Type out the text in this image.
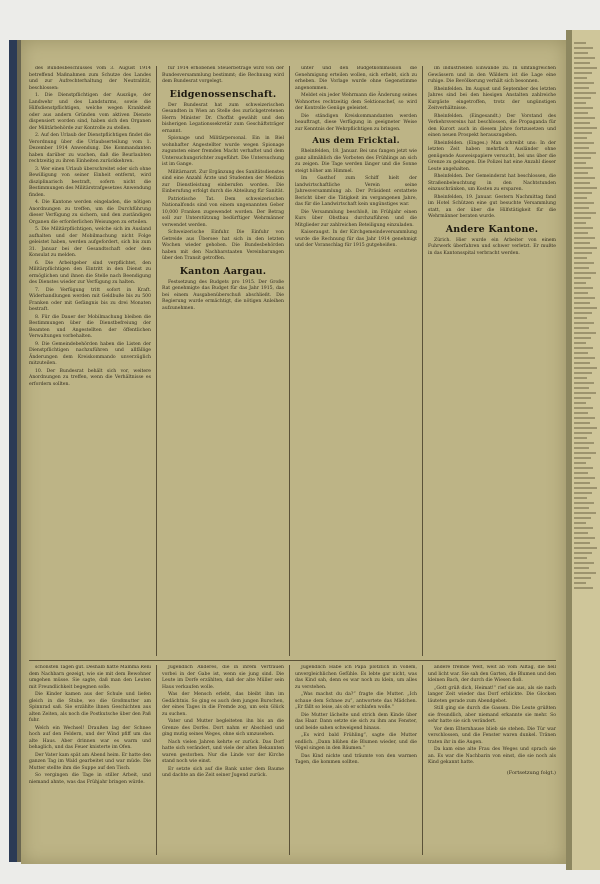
des Bundesbeschlusses vom 3. August 1914 betreffend Maßnahmen zum Schutze des Landes und zur Aufrechterhaltung der Neutralität, beschlossen:

1. Die Dienstpflichtigen der Auszüge, der Landwehr und des Landsturms, sowie die Hilfsdienstpflichtigen, welche wegen Krankheit oder aus andern Gründen vom aktiven Dienste dispensiert worden sind, haben sich den Organen der Militärbehörde zur Kontrolle zu stellen.

2. Auf den Urlaub der Dienstpflichtigen findet die Verordnung über die Urlaubserteilung vom 1. Dezember 1914 Anwendung. Die Kommandanten haben darüber zu wachen, daß die Beurlaubten rechtzeitig zu ihren Einheiten zurückkehren.

3. Wer einen Urlaub überschreitet oder sich ohne Bewilligung von seiner Einheit entfernt, wird disziplinarisch bestraft, sofern nicht die Bestimmungen des Militärstrafgesetzes Anwendung finden.

4. Die Kantone werden eingeladen, die nötigen Anordnungen zu treffen, um die Durchführung dieser Verfügung zu sichern, und den zuständigen Organen die erforderlichen Weisungen zu erteilen.

5. Die Militärpflichtigen, welche sich im Ausland aufhalten und der Mobilmachung nicht Folge geleistet haben, werden aufgefordert, sich bis zum 31. Januar bei der Gesandtschaft oder dem Konsulat zu melden.

6. Die Arbeitgeber sind verpflichtet, den Militärpflichtigen den Eintritt in den Dienst zu ermöglichen und ihnen die Stelle nach Beendigung des Dienstes wieder zur Verfügung zu halten.

7. Die Verfügung tritt sofort in Kraft. Widerhandlungen werden mit Geldbuße bis zu 500 Franken oder mit Gefängnis bis zu drei Monaten bestraft.

8. Für die Dauer der Mobilmachung bleiben die Bestimmungen über die Dienstbefreiung der Beamten und Angestellten der öffentlichen Verwaltungen vorbehalten.

9. Die Gemeindebehörden haben die Listen der Dienstpflichtigen nachzuführen und allfällige Änderungen dem Kreiskommando unverzüglich mitzuteilen.

10. Der Bundesrat behält sich vor, weitere Anordnungen zu treffen, wenn die Verhältnisse es erfordern sollten.

für 1914 erhobenen Steuerbeträge wird von der Bundesversammlung bestimmt; die Rechnung wird dem Bundesrat vorgelegt.

Eidgenossenschaft.

Der Bundesrat hat zum schweizerischen Gesandten in Wien an Stelle des zurückgetretenen Herrn Minister Dr. Choffat gewählt und den bisherigen Legationssekretär zum Geschäftsträger ernannt.

Spionage und Militärpersonal. Ein in Biel wohnhafter Angestellter wurde wegen Spionage zugunsten einer fremden Macht verhaftet und dem Untersuchungsrichter zugeführt. Die Untersuchung ist im Gange.

Militärnarzt. Zur Ergänzung des Sanitätsdienstes sind eine Anzahl Ärzte und Studenten der Medizin zur Dienstleistung einberufen worden. Die Einberufung erfolgt durch die Abteilung für Sanität.

Patriotische Tat. Dem schweizerischen Nationalfonds sind von einem ungenannten Geber 10,000 Franken zugewendet worden. Der Betrag soll zur Unterstützung bedürftiger Wehrmänner verwendet werden.

Schweizerische Einfuhr. Die Einfuhr von Getreide aus Übersee hat sich in den letzten Wochen wieder gehoben. Die Bundesbehörden haben mit den Nachbarstaaten Vereinbarungen über den Transit getroffen.

Kanton Aargau.

Festsetzung des Budgets pro 1915. Der Große Rat genehmigte das Budget für das Jahr 1915, das bei einem Ausgabenüberschuß abschließt. Die Regierung wurde ermächtigt, die nötigen Anleihen aufzunehmen.

unter und den Budgetkommission die Genehmigung erteilen wollen, sich erhebt, sich zu erheben. Die Vorlage wurde ohne Gegenstimme angenommen.

Meldet ein jeder Wehrmann die Änderung seines Wohnortes rechtzeitig dem Sektionschef, so wird der Kontrolle Genüge geleistet.

Die ständigen Kreiskommandanten werden beauftragt, diese Verfügung in geeigneter Weise zur Kenntnis der Wehrpflichtigen zu bringen.

Aus dem Fricktal.

Rheinfelden, 18. Januar. Bei uns fangen jetzt wie ganz allmählich die Vorboten des Frühlings an sich zu zeigen. Die Tage werden länger und die Sonne steigt höher am Himmel.

Im Gasthof zum Schiff hielt der landwirtschaftliche Verein seine Jahresversammlung ab. Der Präsident erstattete Bericht über die Tätigkeit im vergangenen Jahre, das für die Landwirtschaft kein ungünstiges war.

Die Versammlung beschloß, im Frühjahr einen Kurs über Obstbau durchzuführen und die Mitglieder zur zahlreichen Beteiligung einzuladen.

Kaiseraugst. In der Kirchgemeindeversammlung wurde die Rechnung für das Jahr 1914 genehmigt und der Voranschlag für 1915 gutgeheißen.

im industriellen Einwände zu. In umfangreichen Gewässern und in den Wäldern ist die Lage eine ruhige. Die Bevölkerung verhält sich besonnen.

Rheinfelden. Im August und September des letzten Jahres sind bei den hiesigen Anstalten zahlreiche Kurgäste eingetroffen, trotz der ungünstigen Zeitverhältnisse.

Rheinfelden. (Eingesandt.) Der Vorstand des Verkehrsvereins hat beschlossen, die Propaganda für den Kurort auch in diesem Jahre fortzusetzen und einen neuen Prospekt herauszugeben.

Rheinfelden. (Einges.) Man schreibt uns: In der letzten Zeit haben mehrfach Ausländer ohne genügende Ausweispapiere versucht, bei uns über die Grenze zu gelangen. Die Polizei hat eine Anzahl dieser Leute angehalten.

Rheinfelden. Der Gemeinderat hat beschlossen, die Straßenbeleuchtung in den Nachtstunden einzuschränken, um Kosten zu ersparen.

Rheinfelden, 19. Januar. Gestern Nachmittag fand im Hotel Schützen eine gut besuchte Versammlung statt, an der über die Hilfstätigkeit für die Wehrmänner beraten wurde.

Andere Kantone.

Zürich. Hier wurde ein Arbeiter von einem Fuhrwerk überfahren und schwer verletzt. Er mußte in das Kantonsspital verbracht werden.

schönsten Tagen gut. Deshalb hatte Mamma Reni dem Nachbarn gezeigt, wie sie mit dem Bewohner umgehen müsse. Sie sagte, daß man den Leuten mit Freundlichkeit begegnen solle.

Die Kinder kamen aus der Schule und liefen gleich in die Stube, wo die Großmutter am Spinnrad saß. Sie erzählte ihnen Geschichten aus alten Zeiten, als noch die Postkutsche über den Paß fuhr.

Welch ein Wechsel! Draußen lag der Schnee hoch auf den Feldern, und der Wind pfiff um das alte Haus. Aber drinnen war es warm und behaglich, und das Feuer knisterte im Ofen.

Der Vater kam spät am Abend heim. Er hatte den ganzen Tag im Wald gearbeitet und war müde. Die Mutter stellte ihm die Suppe auf den Tisch.

So vergingen die Tage in stiller Arbeit, und niemand ahnte, was das Frühjahr bringen würde.

Jugendlich Anderes, die in ihrem Vertrauen vorbei in der Gabe ist, wenn sie jung sind. Die Leute im Dorfe erzählten, daß der alte Müller sein Haus verkaufen wolle.

Was der Mensch erlebt, das bleibt ihm im Gedächtnis. So ging es auch dem jungen Burschen, der eines Tages in die Fremde zog, um sein Glück zu suchen.

Vater und Mutter begleiteten ihn bis an die Grenze des Dorfes. Dort nahm er Abschied und ging mutig seines Weges, ohne sich umzusehen.

Nach vielen Jahren kehrte er zurück. Das Dorf hatte sich verändert, und viele der alten Bekannten waren gestorben. Nur die Linde vor der Kirche stand noch wie einst.

Er setzte sich auf die Bank unter dem Baume und dachte an die Zeit seiner Jugend zurück.

Jugendlich Habe ich Papa plötzlich in vollem, unvergleichlichen Gefühle. Es lebte gar nicht, was das Kind sah, denn es war noch zu klein, um alles zu verstehen.

„Was machst du da?“ fragte die Mutter. „Ich schaue dem Schnee zu“, antwortete das Mädchen. „Er fällt so leise, als ob er schlafen wolle.“

Die Mutter lächelte und strich dem Kinde über das Haar. Dann setzte sie sich zu ihm ans Fenster, und beide sahen schweigend hinaus.

„Es wird bald Frühling“, sagte die Mutter endlich. „Dann blühen die Blumen wieder, und die Vögel singen in den Bäumen.“

Das Kind nickte und träumte von den warmen Tagen, die kommen sollten.

andere fremde Welt, weit ab vom Alltag, die hell und licht war. Sie sah den Garten, die Blumen und den kleinen Bach, der durch die Wiesen floß.

„Gott grüß dich, Heimat!“ rief sie aus, als sie nach langer Zeit wieder das Dorf erblickte. Die Glocken läuteten gerade zum Abendgebet.

Still ging sie durch die Gassen. Die Leute grüßten sie freundlich, aber niemand erkannte sie mehr. So sehr hatte sie sich verändert.

Vor dem Elternhause blieb sie stehen. Die Tür war verschlossen, und die Fenster waren dunkel. Tränen traten ihr in die Augen.

Da kam eine alte Frau des Weges und sprach sie an. Es war die Nachbarin von einst, die sie noch als Kind gekannt hatte.

(Fortsetzung folgt.)
